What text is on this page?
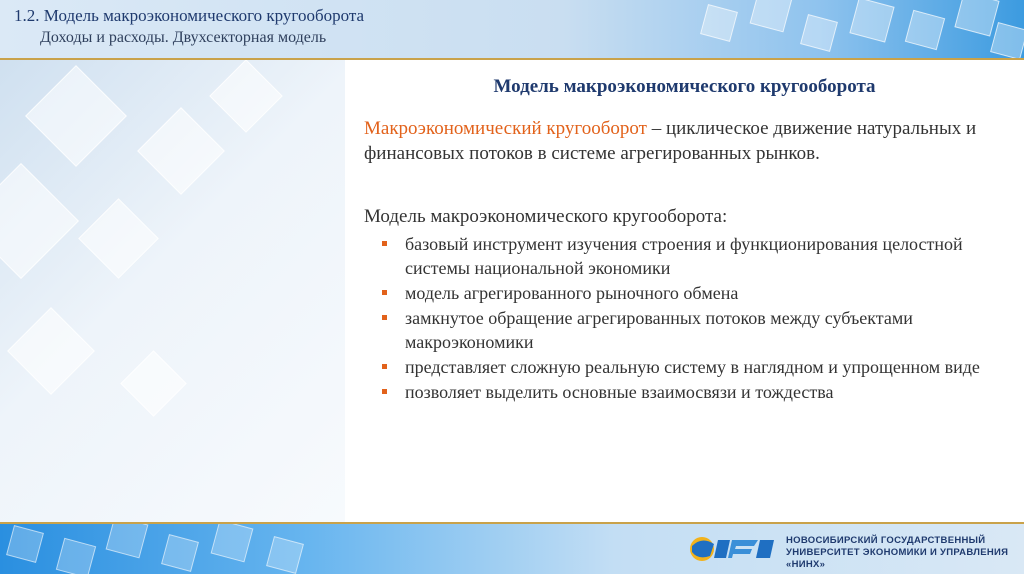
1.2. Модель макроэкономического кругооборота
Доходы и расходы. Двухсекторная модель
Модель макроэкономического кругооборота
Макроэкономический кругооборот – циклическое движение натуральных и финансовых потоков в системе агрегированных рынков.
Модель макроэкономического кругооборота:
базовый инструмент изучения строения и функционирования целостной системы национальной экономики
модель агрегированного рыночного обмена
замкнутое обращение агрегированных потоков между субъектами макроэкономики
представляет сложную реальную систему в наглядном и упрощенном виде
позволяет выделить основные взаимосвязи и тождества
НОВОСИБИРСКИЙ ГОСУДАРСТВЕННЫЙ
УНИВЕРСИТЕТ ЭКОНОМИКИ И УПРАВЛЕНИЯ «НИНХ»
